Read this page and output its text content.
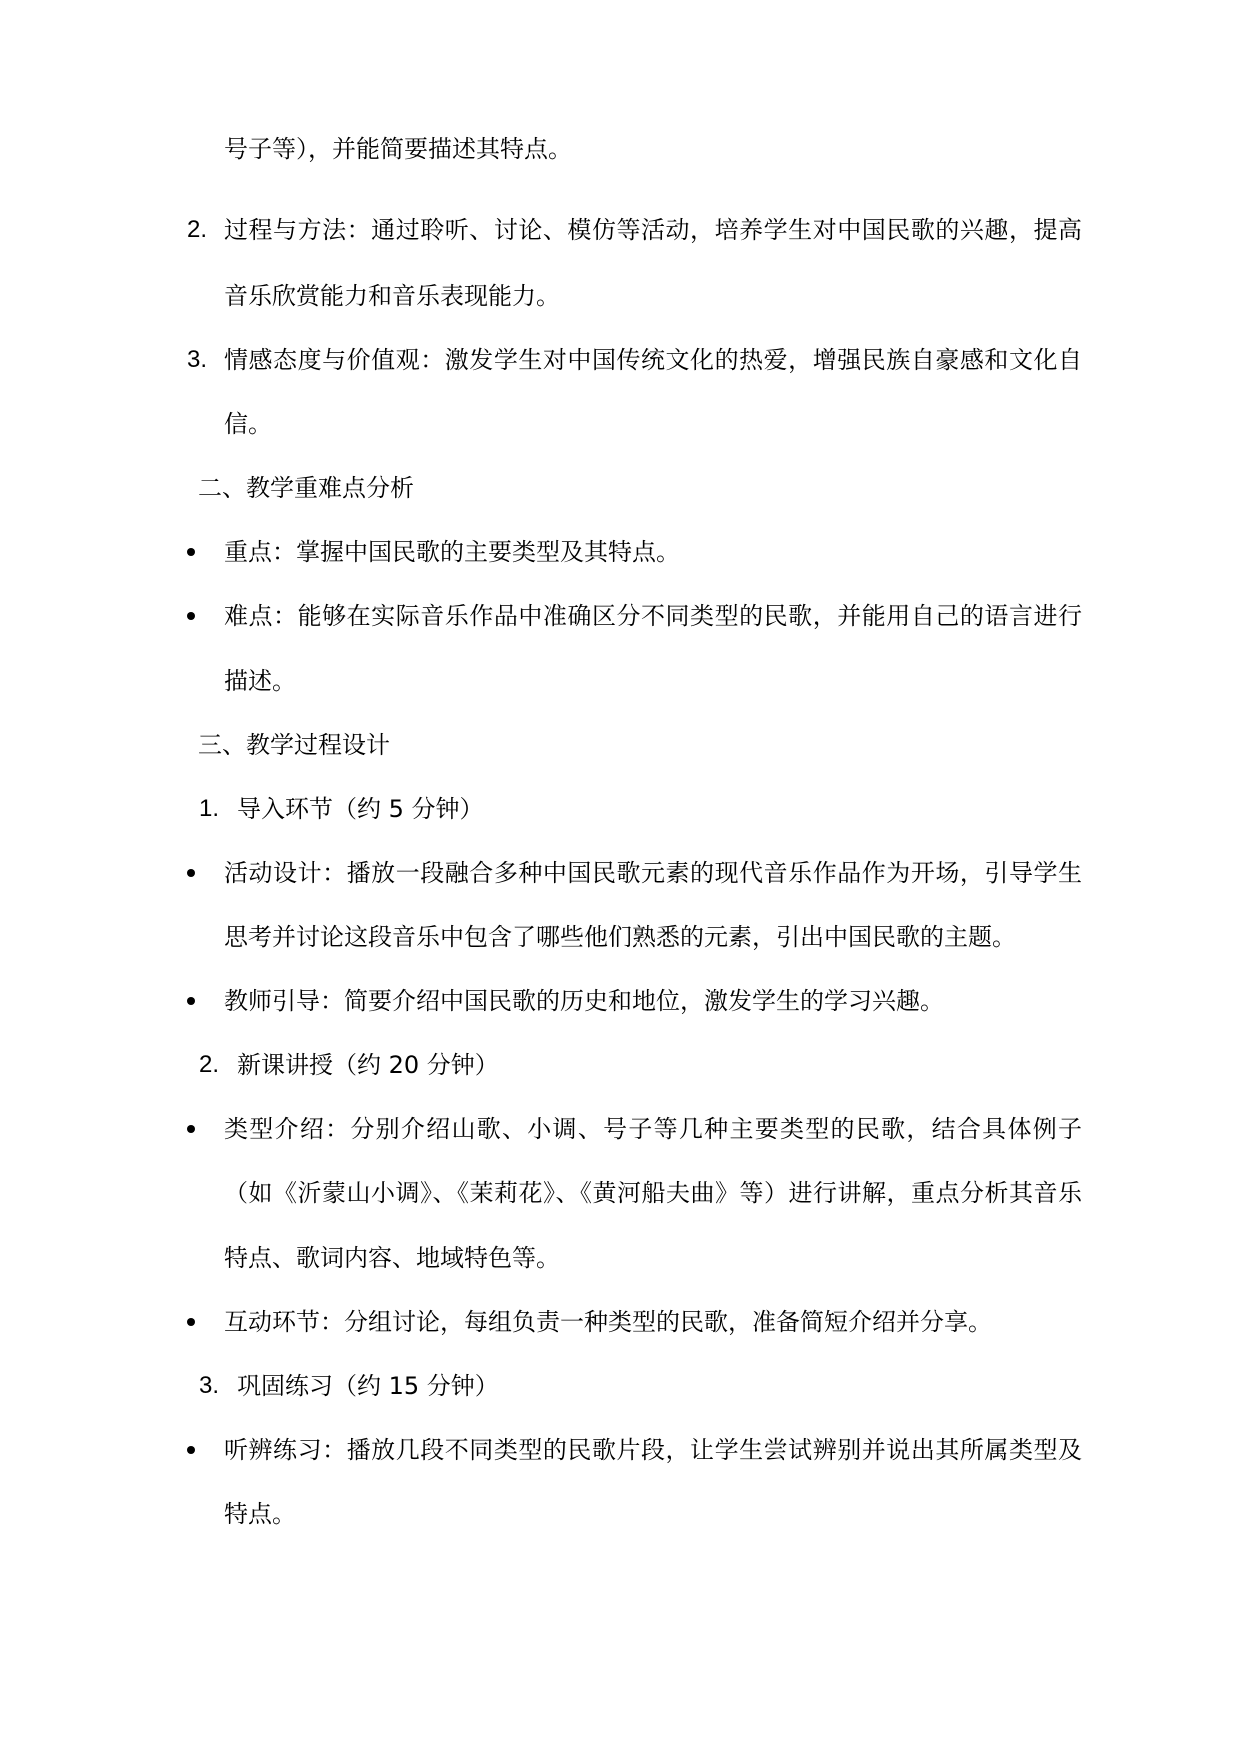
号子等），并能简要描述其特点。
2. 过程与方法：通过聆听、讨论、模仿等活动，培养学生对中国民歌的兴趣，提高
音乐欣赏能力和音乐表现能力。
3. 情感态度与价值观：激发学生对中国传统文化的热爱，增强民族自豪感和文化自
信。
二、教学重难点分析
重点：掌握中国民歌的主要类型及其特点。
难点：能够在实际音乐作品中准确区分不同类型的民歌，并能用自己的语言进行
描述。
三、教学过程设计
1. 导入环节（约 5 分钟）
活动设计：播放一段融合多种中国民歌元素的现代音乐作品作为开场，引导学生
思考并讨论这段音乐中包含了哪些他们熟悉的元素，引出中国民歌的主题。
教师引导：简要介绍中国民歌的历史和地位，激发学生的学习兴趣。
2. 新课讲授（约 20 分钟）
类型介绍：分别介绍山歌、小调、号子等几种主要类型的民歌，结合具体例子
（如《沂蒙山小调》、《茉莉花》、《黄河船夫曲》等）进行讲解，重点分析其音乐
特点、歌词内容、地域特色等。
互动环节：分组讨论，每组负责一种类型的民歌，准备简短介绍并分享。
3. 巩固练习（约 15 分钟）
听辨练习：播放几段不同类型的民歌片段，让学生尝试辨别并说出其所属类型及
特点。
